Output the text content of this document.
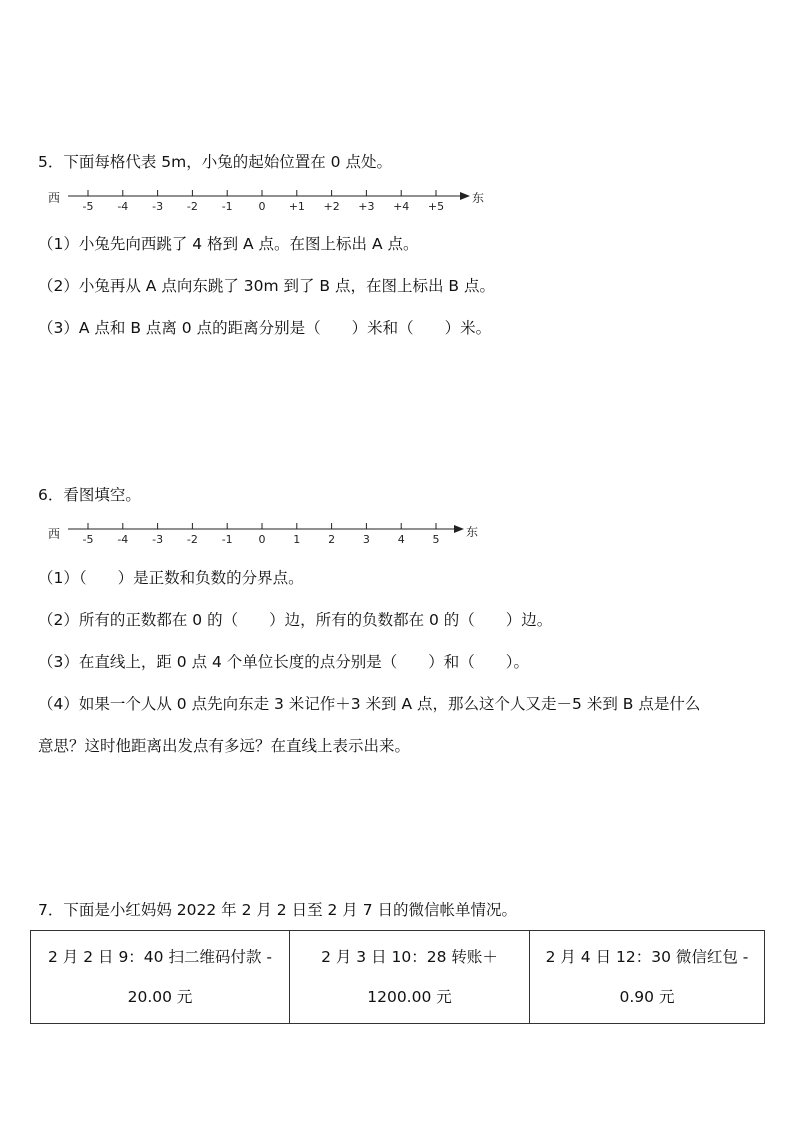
5．下面每格代表 5m，小兔的起始位置在 0 点处。
西	东
-5 -4 -3 -2 -1 0 +1 +2 +3 +4 +5
（1）小兔先向西跳了 4 格到 A 点。在图上标出 A 点。
（2）小兔再从 A 点向东跳了 30m 到了 B 点，在图上标出 B 点。
（3）A 点和 B 点离 0 点的距离分别是（　　）米和（　　）米。
6．看图填空。
西	东
-5 -4 -3 -2 -1 0	1	2	3	4	5
（1）（　　）是正数和负数的分界点。
（2）所有的正数都在 0 的（　　）边，所有的负数都在 0 的（　　）边。
（3）在直线上，距 0 点 4 个单位长度的点分别是（　　）和（　　）。
（4）如果一个人从 0 点先向东走 3 米记作＋3 米到 A 点，那么这个人又走－5 米到 B 点是什么
意思？这时他距离出发点有多远？在直线上表示出来。
7．下面是小红妈妈 2022 年 2 月 2 日至 2 月 7 日的微信帐单情况。
2 月 2 日 9：40 扫二维码付款 -
20.00 元

2 月 3 日 10：28 转账＋
1200.00 元

2 月 4 日 12：30 微信红包 -
0.90 元
